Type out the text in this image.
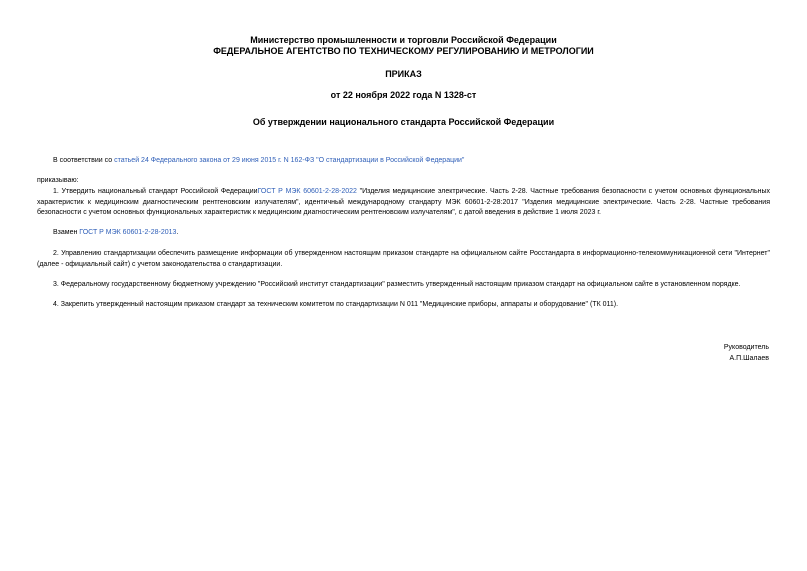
Министерство промышленности и торговли Российской Федерации
ФЕДЕРАЛЬНОЕ АГЕНТСТВО ПО ТЕХНИЧЕСКОМУ РЕГУЛИРОВАНИЮ И МЕТРОЛОГИИ
ПРИКАЗ
от 22 ноября 2022 года N 1328-ст
Об утверждении национального стандарта Российской Федерации
В соответствии со статьей 24 Федерального закона от 29 июня 2015 г. N 162-ФЗ "О стандартизации в Российской Федерации"
приказываю:
1. Утвердить национальный стандарт Российской ФедерацииГОСТ Р МЭК 60601-2-28-2022 "Изделия медицинские электрические. Часть 2-28. Частные требования безопасности с учетом основных функциональных характеристик к медицинским диагностическим рентгеновским излучателям", идентичный международному стандарту МЭК 60601-2-28:2017 "Изделия медицинские электрические. Часть 2-28. Частные требования безопасности с учетом основных функциональных характеристик к медицинским диагностическим рентгеновским излучателям", с датой введения в действие 1 июля 2023 г.
Взамен ГОСТ Р МЭК 60601-2-28-2013.
2. Управлению стандартизации обеспечить размещение информации об утвержденном настоящим приказом стандарте на официальном сайте Росстандарта в информационно-телекоммуникационной сети "Интернет" (далее - официальный сайт) с учетом законодательства о стандартизации.
3. Федеральному государственному бюджетному учреждению "Российский институт стандартизации" разместить утвержденный настоящим приказом стандарт на официальном сайте в установленном порядке.
4. Закрепить утвержденный настоящим приказом стандарт за техническим комитетом по стандартизации N 011 "Медицинские приборы, аппараты и оборудование" (ТК 011).
Руководитель
А.П.Шалаев
